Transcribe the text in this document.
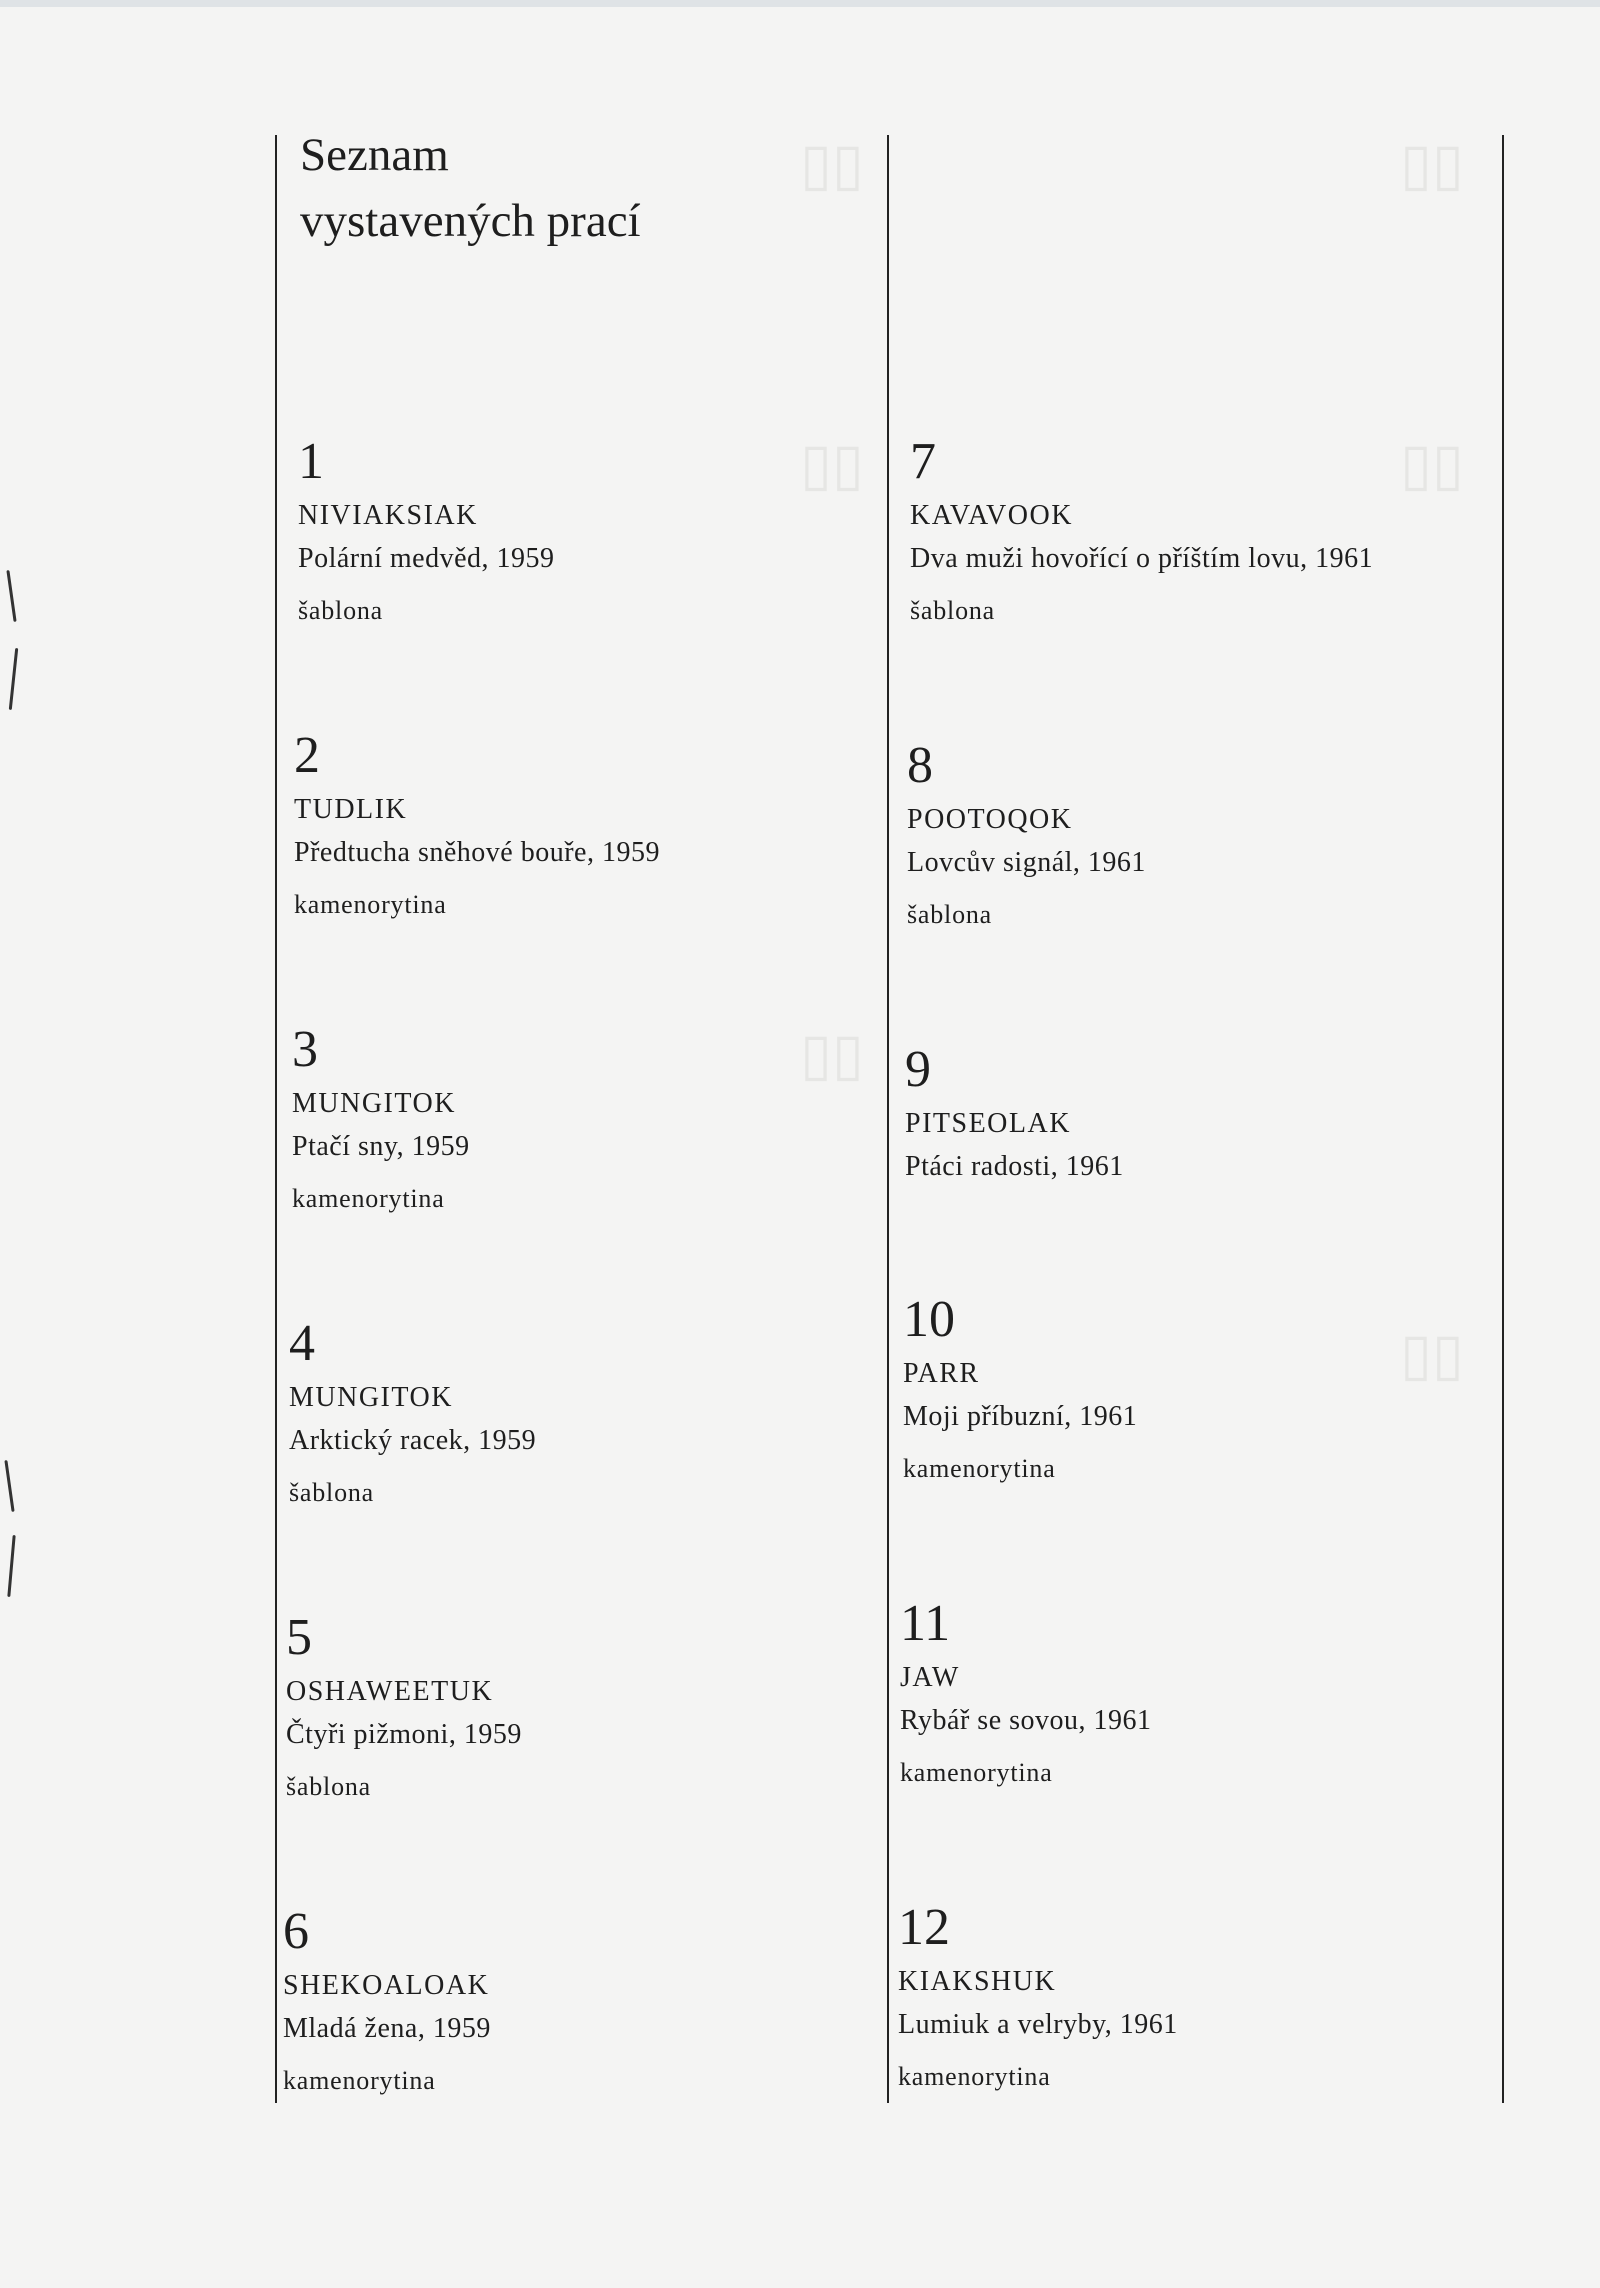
▯▯	▯▯
▯▯	▯▯
▯▯
▯▯
Seznam
vystavených prací
1
NIVIAKSIAK
Polární medvěd, 1959
šablona
2
TUDLIK
Předtucha sněhové bouře, 1959
kamenorytina
3
MUNGITOK
Ptačí sny, 1959
kamenorytina
4
MUNGITOK
Arktický racek, 1959
šablona
5
OSHAWEETUK
Čtyři pižmoni, 1959
šablona
6
SHEKOALOAK
Mladá žena, 1959
kamenorytina
7
KAVAVOOK
Dva muži hovořící o příštím lovu, 1961
šablona
8
POOTOQOK
Lovcův signál, 1961
šablona
9
PITSEOLAK
Ptáci radosti, 1961
10
PARR
Moji příbuzní, 1961
kamenorytina
11
JAW
Rybář se sovou, 1961
kamenorytina
12
KIAKSHUK
Lumiuk a velryby, 1961
kamenorytina
